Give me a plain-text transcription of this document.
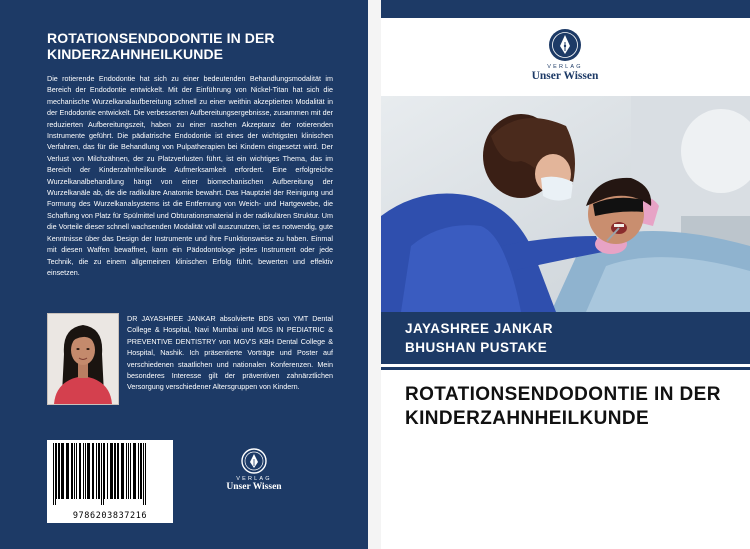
ROTATIONSENDODONTIE IN DER KINDERZAHNHEILKUNDE

Die rotierende Endodontie hat sich zu einer bedeutenden Behandlungsmodalität im Bereich der Endodontie entwickelt. Mit der Einführung von Nickel-Titan hat sich die mechanische Wurzelkanalaufbereitung schnell zu einer weithin akzeptierten Modalität in der Endodontie entwickelt. Die verbesserten Aufbereitungsergebnisse, zusammen mit der reduzierten Aufbereitungszeit, haben zu einer raschen Akzeptanz der rotierenden Instrumente geführt. Die pädiatrische Endodontie ist eines der wichtigsten klinischen Verfahren, das für die Behandlung von Pulpatherapien bei Kindern eingesetzt wird. Der Verlust von Milchzähnen, der zu Platzverlusten führt, ist ein wichtiges Thema, das im Bereich der Kinderzahnheilkunde Aufmerksamkeit erfordert. Eine erfolgreiche Wurzelkanalbehandlung hängt von einer biomechanischen Aufbereitung der Wurzelkanäle ab, die die radikuläre Anatomie bewahrt. Das Hauptziel der Reinigung und Formung des Wurzelkanalsystems ist die Entfernung von Weich- und Hartgewebe, die Schaffung von Platz für Spülmittel und Obturationsmaterial in der radikulären Struktur. Um die Vorteile dieser schnell wachsenden Modalität voll auszunutzen, ist es notwendig, gute Kenntnisse über das Design der Instrumente und ihre Funktionsweise zu haben. Einmal mit diesen Waffen bewaffnet, kann ein Pädodontologe jedes Instrument oder jede Technik, die zu einem allgemeinen klinischen Erfolg führt, bewerten und effektiv einsetzen.

DR JAYASHREE JANKAR absolvierte BDS von YMT Dental College & Hospital, Navi Mumbai und MDS IN PEDIATRIC & PREVENTIVE DENTISTRY von MGV'S KBH Dental College & Hospital, Nashik. Ich präsentierte Vorträge und Poster auf verschiedenen staatlichen und nationalen Konferenzen. Mein besonderes Interesse gilt der präventiven zahnärztlichen Versorgung verschiedener Altersgruppen von Kindern.

9786203837216
VERLAG
Unser Wissen
VERLAG
Unser Wissen
JAYASHREE JANKAR
BHUSHAN PUSTAKE
ROTATIONSENDODONTIE IN DER KINDERZAHNHEILKUNDE
